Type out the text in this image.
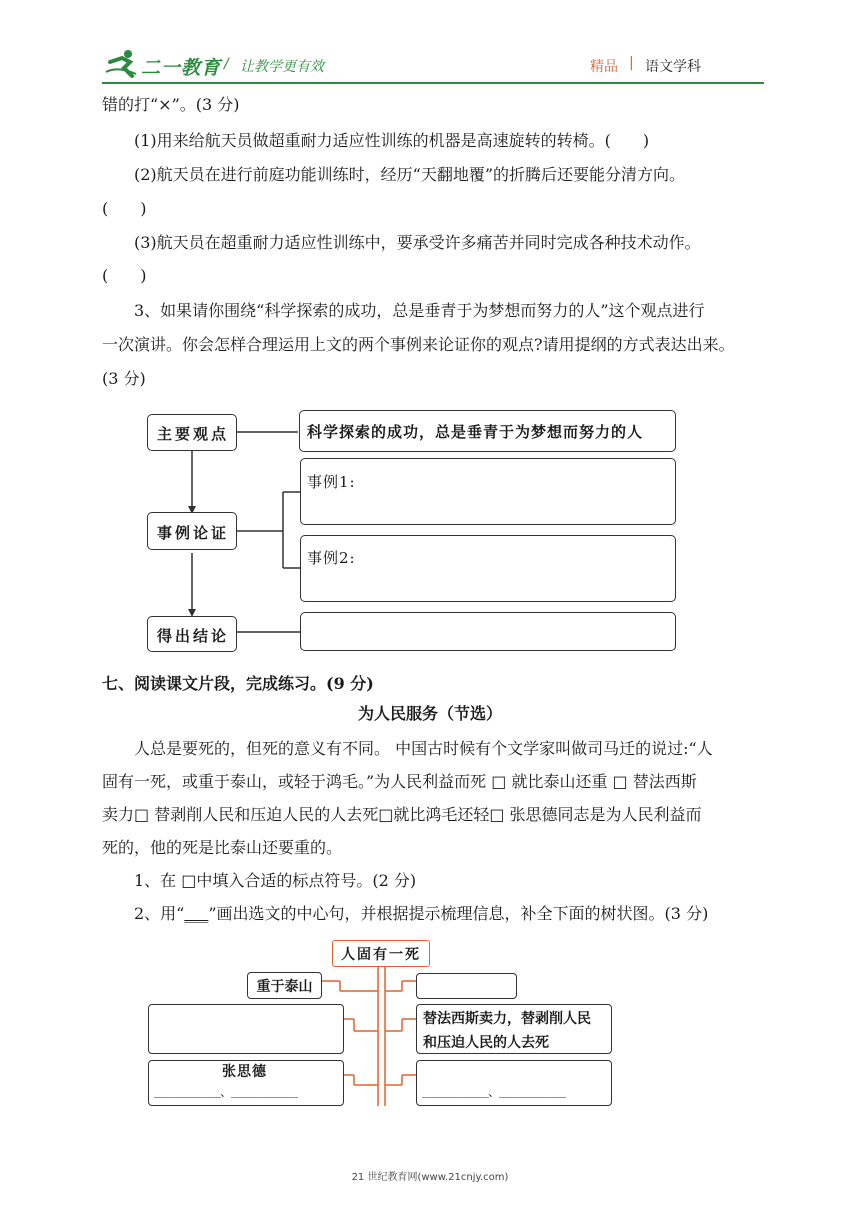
二一教育 / 让教学更有效	精品 | 语文学科
错的打“×”。(3 分)
(1)用来给航天员做超重耐力适应性训练的机器是高速旋转的转椅。(　　)
(2)航天员在进行前庭功能训练时，经历“天翻地覆”的折腾后还要能分清方向。
(　　)
(3)航天员在超重耐力适应性训练中，要承受许多痛苦并同时完成各种技术动作。
(　　)
3、如果请你围绕“科学探索的成功，总是垂青于为梦想而努力的人”这个观点进行
一次演讲。你会怎样合理运用上文的两个事例来论证你的观点?请用提纲的方式表达出来。
(3 分)
主要观点	科学探索的成功，总是垂青于为梦想而努力的人
事例论证
事例1:
事例2:
得出结论
七、阅读课文片段，完成练习。(9 分)
为人民服务（节选）
人总是要死的，但死的意义有不同。 中国古时候有个文学家叫做司马迁的说过:“人
固有一死，或重于泰山，或轻于鸿毛。”为人民利益而死 □ 就比泰山还重 □ 替法西斯
卖力□ 替剥削人民和压迫人民的人去死□就比鸿毛还轻□ 张思德同志是为人民利益而
死的，他的死是比泰山还要重的。
1、在 □中填入合适的标点符号。(2 分)
2、用“___”画出选文的中心句，并根据提示梳理信息，补全下面的树状图。(3 分)
人固有一死
重于泰山
替法西斯卖力，替剥削人民
和压迫人民的人去死
张思德
＿＿＿＿＿＿、＿＿＿＿＿＿	＿＿＿＿＿＿、＿＿＿＿＿＿
21 世纪教育网(www.21cnjy.com)
